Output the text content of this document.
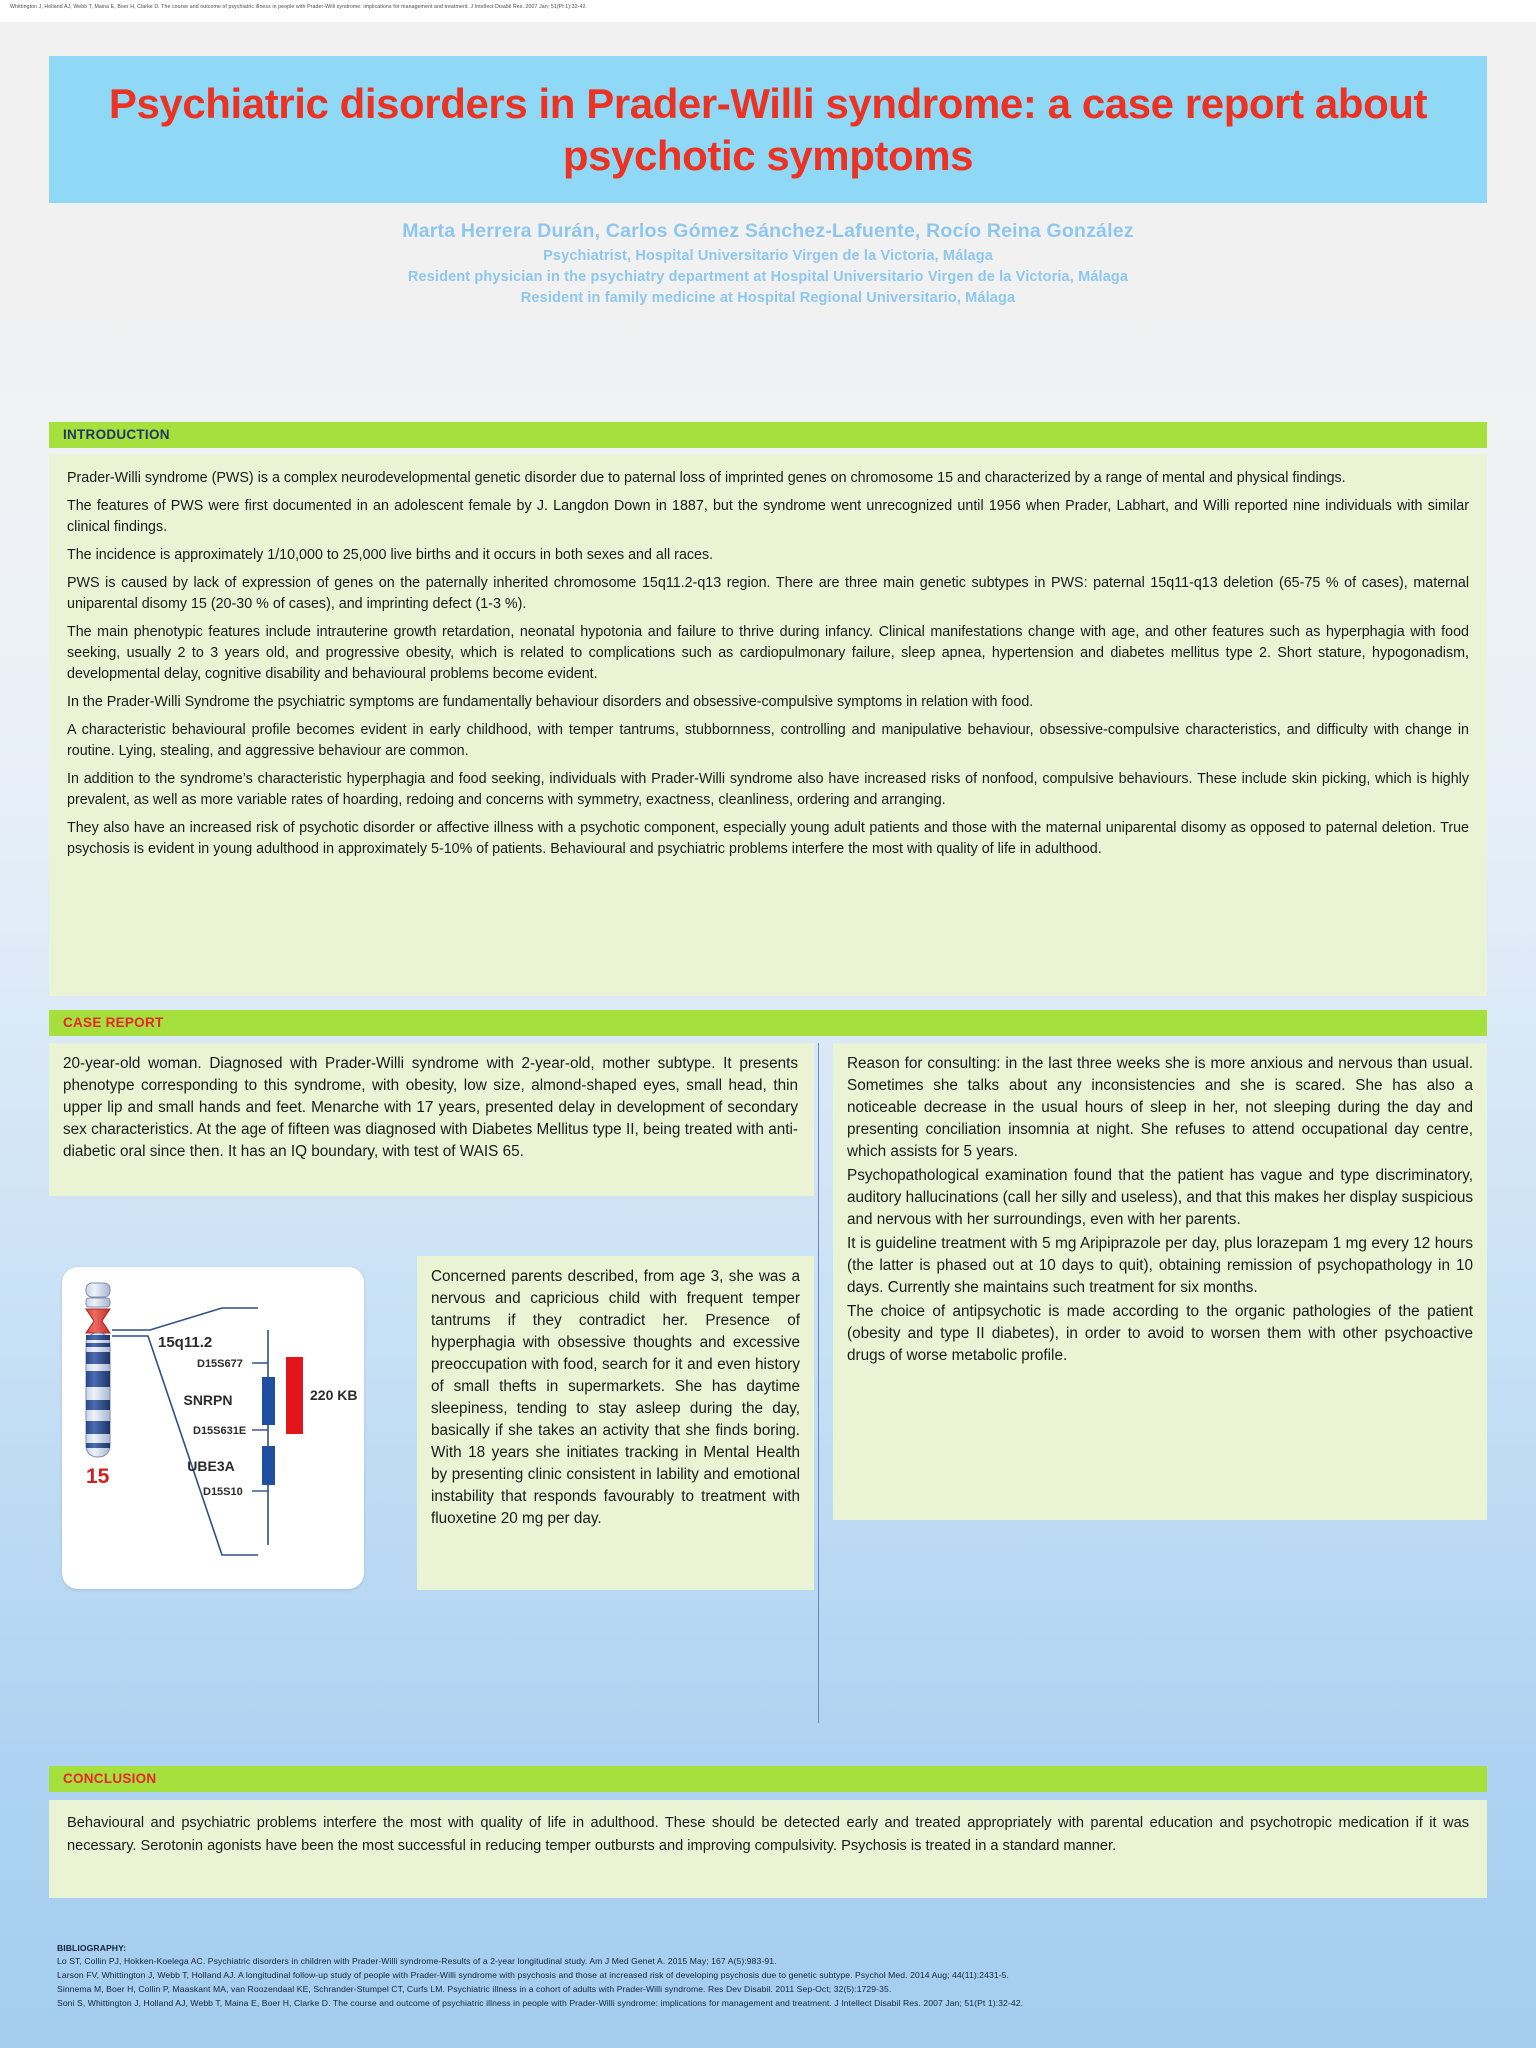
Whittington J, Holland AJ, Webb T, Maina E, Boer H, Clarke D. The course and outcome of psychiatric illness in people with Prader-Willi syndrome: implications for management and treatment. J Intellect Disabil Res. 2007 Jan; 51(Pt 1):32-42.
Psychiatric disorders in Prader-Willi syndrome: a case report about psychotic symptoms
Marta Herrera Durán, Carlos Gómez Sánchez-Lafuente, Rocío Reina González
Psychiatrist, Hospital Universitario Virgen de la Victoria, Málaga
Resident physician in the psychiatry department at Hospital Universitario Virgen de la Victoria, Málaga
Resident in family medicine at Hospital Regional Universitario, Málaga
INTRODUCTION

Prader-Willi syndrome (PWS) is a complex neurodevelopmental genetic disorder due to paternal loss of imprinted genes on chromosome 15 and characterized by a range of mental and physical findings.

The features of PWS were first documented in an adolescent female by J. Langdon Down in 1887, but the syndrome went unrecognized until 1956 when Prader, Labhart, and Willi reported nine individuals with similar clinical findings.

The incidence is approximately 1/10,000 to 25,000 live births and it occurs in both sexes and all races.

PWS is caused by lack of expression of genes on the paternally inherited chromosome 15q11.2-q13 region. There are three main genetic subtypes in PWS: paternal 15q11-q13 deletion (65-75 % of cases), maternal uniparental disomy 15 (20-30 % of cases), and imprinting defect (1-3 %).

The main phenotypic features include intrauterine growth retardation, neonatal hypotonia and failure to thrive during infancy. Clinical manifestations change with age, and other features such as hyperphagia with food seeking, usually 2 to 3 years old, and progressive obesity, which is related to complications such as cardiopulmonary failure, sleep apnea, hypertension and diabetes mellitus type 2. Short stature, hypogonadism, developmental delay, cognitive disability and behavioural problems become evident.

In the Prader-Willi Syndrome the psychiatric symptoms are fundamentally behaviour disorders and obsessive-compulsive symptoms in relation with food.

A characteristic behavioural profile becomes evident in early childhood, with temper tantrums, stubbornness, controlling and manipulative behaviour, obsessive-compulsive characteristics, and difficulty with change in routine. Lying, stealing, and aggressive behaviour are common.

In addition to the syndrome’s characteristic hyperphagia and food seeking, individuals with Prader-Willi syndrome also have increased risks of nonfood, compulsive behaviours. These include skin picking, which is highly prevalent, as well as more variable rates of hoarding, redoing and concerns with symmetry, exactness, cleanliness, ordering and arranging.

They also have an increased risk of psychotic disorder or affective illness with a psychotic component, especially young adult patients and those with the maternal uniparental disomy as opposed to paternal deletion. True psychosis is evident in young adulthood in approximately 5-10% of patients. Behavioural and psychiatric problems interfere the most with quality of life in adulthood.

CASE REPORT

20-year-old woman. Diagnosed with Prader-Willi syndrome with 2-year-old, mother subtype. It presents phenotype corresponding to this syndrome, with obesity, low size, almond-shaped eyes, small head, thin upper lip and small hands and feet. Menarche with 17 years, presented delay in development of secondary sex characteristics. At the age of fifteen was diagnosed with Diabetes Mellitus type II, being treated with anti-diabetic oral since then. It has an IQ boundary, with test of WAIS 65.

Concerned parents described, from age 3, she was a nervous and capricious child with frequent temper tantrums if they contradict her. Presence of hyperphagia with obsessive thoughts and excessive preoccupation with food, search for it and even history of small thefts in supermarkets. She has daytime sleepiness, tending to stay asleep during the day, basically if she takes an activity that she finds boring. With 18 years she initiates tracking in Mental Health by presenting clinic consistent in lability and emotional instability that responds favourably to treatment with fluoxetine 20 mg per day.

Reason for consulting: in the last three weeks she is more anxious and nervous than usual. Sometimes she talks about any inconsistencies and she is scared. She has also a noticeable decrease in the usual hours of sleep in her, not sleeping during the day and presenting conciliation insomnia at night. She refuses to attend occupational day centre, which assists for 5 years.

Psychopathological examination found that the patient has vague and type discriminatory, auditory hallucinations (call her silly and useless), and that this makes her display suspicious and nervous with her surroundings, even with her parents.

It is guideline treatment with 5 mg Aripiprazole per day, plus lorazepam 1 mg every 12 hours (the latter is phased out at 10 days to quit), obtaining remission of psychopathology in 10 days. Currently she maintains such treatment for six months.

The choice of antipsychotic is made according to the organic pathologies of the patient (obesity and type II diabetes), in order to avoid to worsen them with other psychoactive drugs of worse metabolic profile.

15
15q11.2
D15S677
SNRPN
D15S631E
UBE3A
D15S10
220 KB
CONCLUSION

Behavioural and psychiatric problems interfere the most with quality of life in adulthood. These should be detected early and treated appropriately with parental education and psychotropic medication if it was necessary. Serotonin agonists have been the most successful in reducing temper outbursts and improving compulsivity. Psychosis is treated in a standard manner.

BIBLIOGRAPHY:
Lo ST, Collin PJ, Hokken-Koelega AC. Psychiatric disorders in children with Prader-Willi syndrome-Results of a 2-year longitudinal study. Am J Med Genet A. 2015 May; 167 A(5):983-91.
Larson FV, Whittington J, Webb T, Holland AJ. A longitudinal follow-up study of people with Prader-Willi syndrome with psychosis and those at increased risk of developing psychosis due to genetic subtype. Psychol Med. 2014 Aug; 44(11):2431-5.
Sinnema M, Boer H, Collin P, Maaskant MA, van Roozendaal KE, Schrander-Stumpel CT, Curfs LM. Psychiatric illness in a cohort of adults with Prader-Willi syndrome. Res Dev Disabil. 2011 Sep-Oct; 32(5):1729-35.
Soni S, Whittington J, Holland AJ, Webb T, Maina E, Boer H, Clarke D. The course and outcome of psychiatric illness in people with Prader-Willi syndrome: implications for management and treatment. J Intellect Disabil Res. 2007 Jan; 51(Pt 1):32-42.
